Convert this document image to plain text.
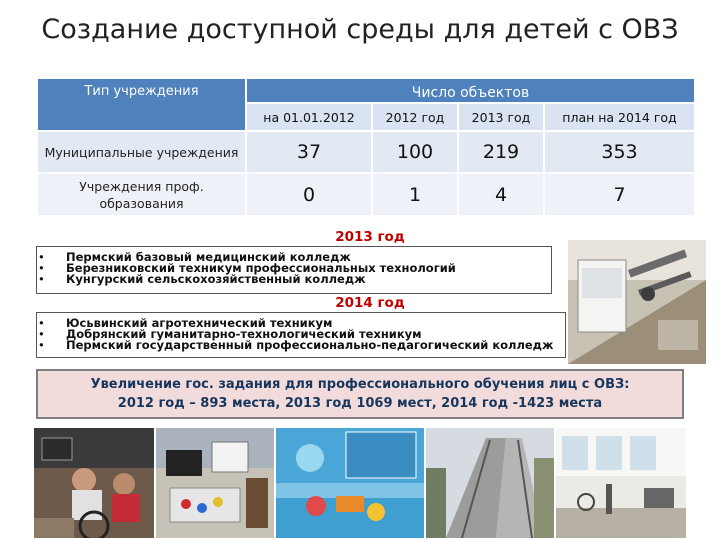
Создание доступной среды для детей с ОВЗ
Тип учреждения	Число объектов			
	на 01.01.2012	2012 год	2013 год	план на 2014 год
Муниципальные учреждения	37	100	219	353
Учреждения проф. образования	0	1	4	7
2013 год
• Пермский базовый медицинский колледж
• Березниковский техникум профессиональных технологий
• Кунгурский сельскохозяйственный колледж
2014 год
• Юсьвинский агротехнический техникум
• Добрянский гуманитарно-технологический техникум
• Пермский государственный профессионально-педагогический колледж
Увеличение гос. задания для профессионального обучения лиц с ОВЗ:
2012 год – 893 места, 2013 год 1069 мест, 2014 год -1423 места
